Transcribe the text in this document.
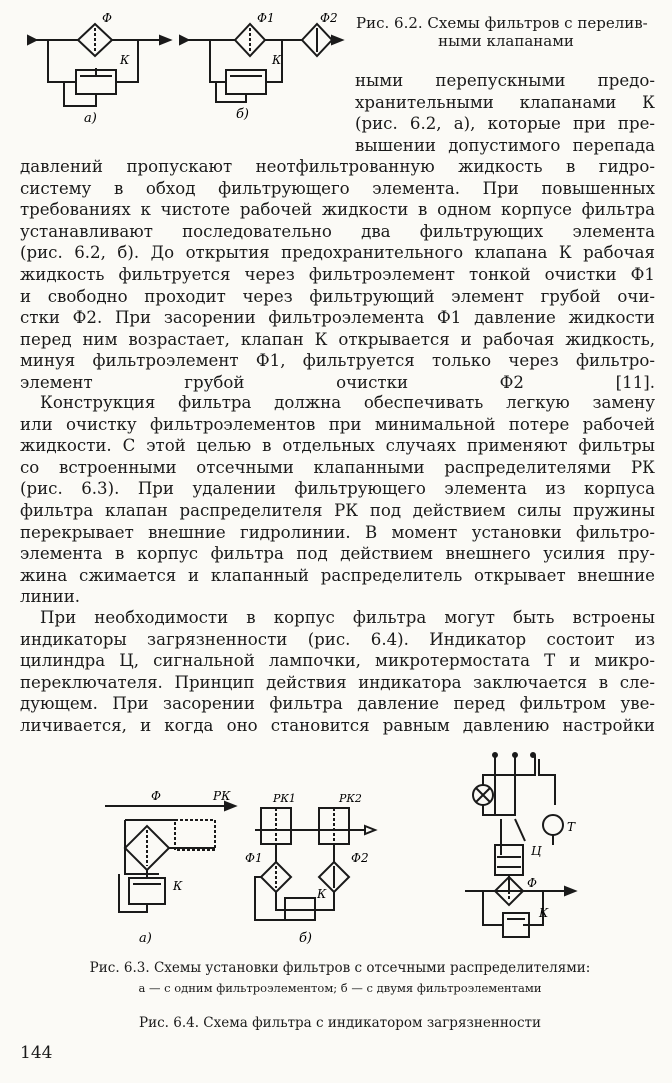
Ф
К
а)
Ф1	Ф2
К
б)
Рис. 6.2. Схемы фильтров с перелив-
ными клапанами
ными перепускными предо-
хранительными клапанами К
(рис. 6.2, а), которые при пре-
вышении допустимого перепада
давлений пропускают неотфильтрованную жидкость в гидро-
систему в обход фильтрующего элемента. При повышенных
требованиях к чистоте рабочей жидкости в одном корпусе фильтра
устанавливают последовательно два фильтрующих элемента
(рис. 6.2, б). До открытия предохранительного клапана К рабочая
жидкость фильтруется через фильтроэлемент тонкой очистки Ф1
и свободно проходит через фильтрующий элемент грубой очи-
стки Ф2. При засорении фильтроэлемента Ф1 давление жидкости
перед ним возрастает, клапан К открывается и рабочая жидкость,
минуя фильтроэлемент Ф1, фильтруется только через фильтро-
элемент грубой очистки Ф2 [11].
Конструкция фильтра должна обеспечивать легкую замену
или очистку фильтроэлементов при минимальной потере рабочей
жидкости. С этой целью в отдельных случаях применяют фильтры
со встроенными отсечными клапанными распределителями РК
(рис. 6.3). При удалении фильтрующего элемента из корпуса
фильтра клапан распределителя РК под действием силы пружины
перекрывает внешние гидролинии. В момент установки фильтро-
элемента в корпус фильтра под действием внешнего усилия пру-
жина сжимается и клапанный распределитель открывает внешние
линии.
При необходимости в корпус фильтра могут быть встроены
индикаторы загрязненности (рис. 6.4). Индикатор состоит из
цилиндра Ц, сигнальной лампочки, микротермостата Т и микро-
переключателя. Принцип действия индикатора заключается в сле-
дующем. При засорении фильтра давление перед фильтром уве-
личивается, и когда оно становится равным давлению настройки
Ф	РК
К
а)
РК1	РК2
Ф1	Ф2
К
б)
Ц
Т
Ф
К
Рис. 6.3. Схемы установки фильтров с отсечными распределителями:
а — с одним фильтроэлементом; б — с двумя фильтроэлементами
Рис. 6.4. Схема фильтра с индикатором загрязненности
144
